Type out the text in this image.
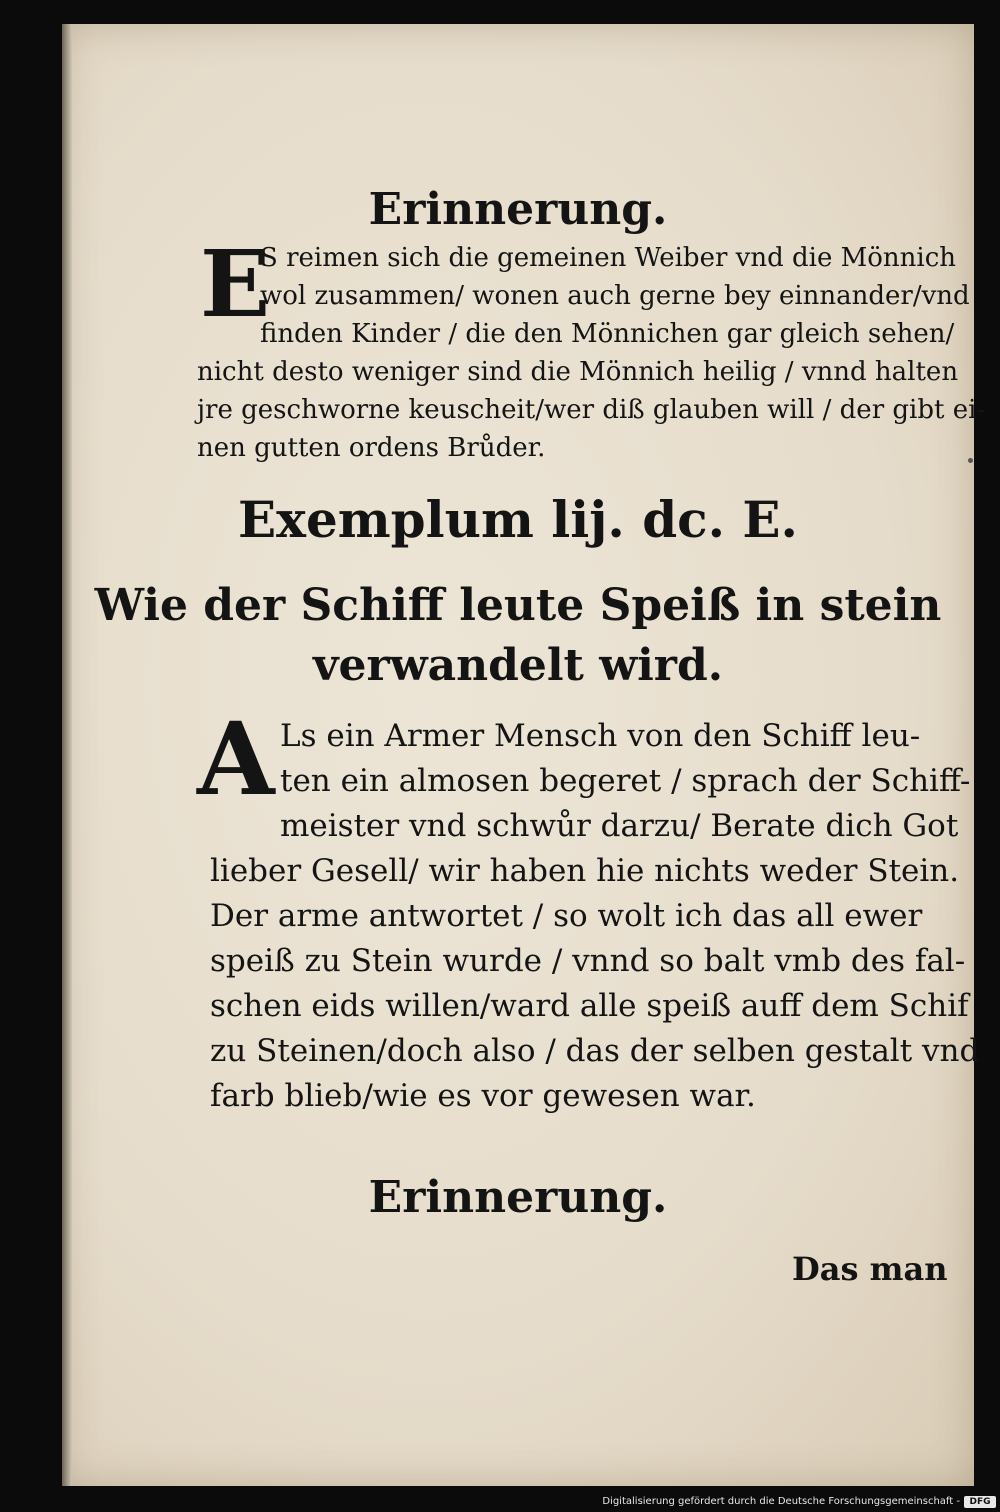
Erinnerung.
E
S reimen sich die gemeinen Weiber vnd die Mönnich
wol zusammen/ wonen auch gerne bey einnander/vnd
finden Kinder / die den Mönnichen gar gleich sehen/
nicht desto weniger sind die Mönnich heilig / vnnd halten
jre geschworne keuscheit/wer diß glauben will / der gibt ei-
nen gutten ordens Brůder.
Exemplum lij. dc. E.
Wie der Schiff leute Speiß in stein
verwandelt wird.
A Ls ein Armer Mensch von den Schiff leu-
ten ein almosen begeret / sprach der Schiff-
meister vnd schwůr darzu/ Berate dich Got
lieber Gesell/ wir haben hie nichts weder Stein.
Der arme antwortet / so wolt ich das all ewer
speiß zu Stein wurde / vnnd so balt vmb des fal-
schen eids willen/ward alle speiß auff dem Schif
zu Steinen/doch also / das der selben gestalt vnd
farb blieb/wie es vor gewesen war.
Erinnerung.
Das man
Digitalisierung gefördert durch die Deutsche Forschungsgemeinschaft -	DFG
